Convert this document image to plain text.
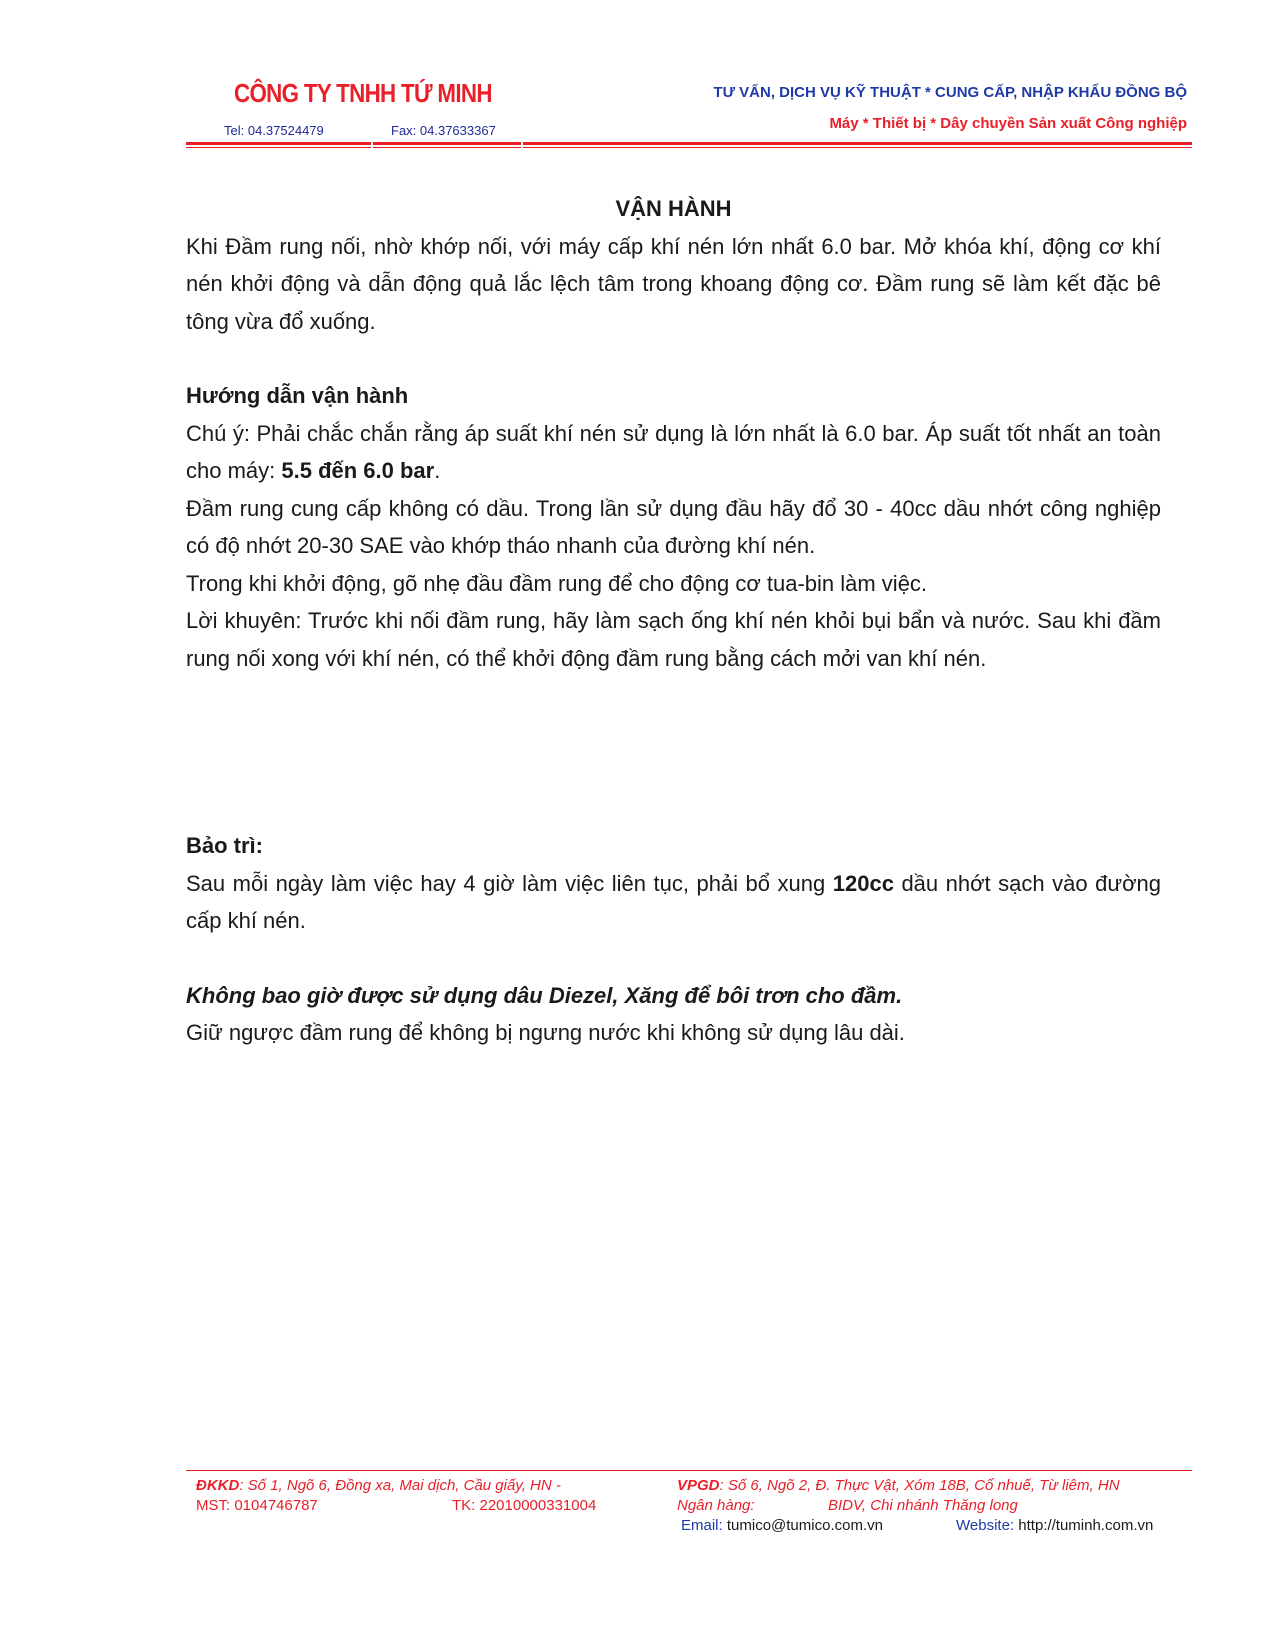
CÔNG TY TNHH TỨ MINH
Tel: 04.37524479	Fax: 04.37633367
TƯ VẤN, DỊCH VỤ KỸ THUẬT * CUNG CẤP, NHẬP KHẨU ĐỒNG BỘ
Máy * Thiết bị * Dây chuyền Sản xuất Công nghiệp

VẬN HÀNH

Khi Đầm rung nối, nhờ khớp nối, với máy cấp khí nén lớn nhất 6.0 bar. Mở khóa khí, động cơ khí nén khởi động và dẫn động quả lắc lệch tâm trong khoang động cơ. Đầm rung sẽ làm kết đặc bê tông vừa đổ xuống.

Hướng dẫn vận hành

Chú ý: Phải chắc chắn rằng áp suất khí nén sử dụng là lớn nhất là 6.0 bar. Áp suất tốt nhất an toàn cho máy: 5.5 đến 6.0 bar.

Đầm rung cung cấp không có dầu. Trong lần sử dụng đầu hãy đổ 30 - 40cc dầu nhớt công nghiệp có độ nhớt 20-30 SAE vào khớp tháo nhanh của đường khí nén.

Trong khi khởi động, gõ nhẹ đầu đầm rung để cho động cơ tua-bin làm việc.

Lời khuyên: Trước khi nối đầm rung, hãy làm sạch ống khí nén khỏi bụi bẩn và nước. Sau khi đầm rung nối xong với khí nén, có thể khởi động đầm rung bằng cách mởi van khí nén.

Bảo trì:

Sau mỗi ngày làm việc hay 4 giờ làm việc liên tục, phải bổ xung 120cc dầu nhớt sạch vào đường cấp khí nén.

Không bao giờ được sử dụng dâu Diezel, Xăng để bôi trơn cho đầm.

Giữ ngược đầm rung để không bị ngưng nước khi không sử dụng lâu dài.

ĐKKD: Số 1, Ngõ 6, Đồng xa, Mai dịch, Cầu giấy, HN -
MST: 0104746787	TK: 22010000331004
VPGD: Số 6, Ngõ 2, Đ. Thực Vật, Xóm 18B, Cổ nhuế, Từ liêm, HN
Ngân hàng:	BIDV, Chi nhánh Thăng long
Email: tumico@tumico.com.vn	Website: http://tuminh.com.vn
